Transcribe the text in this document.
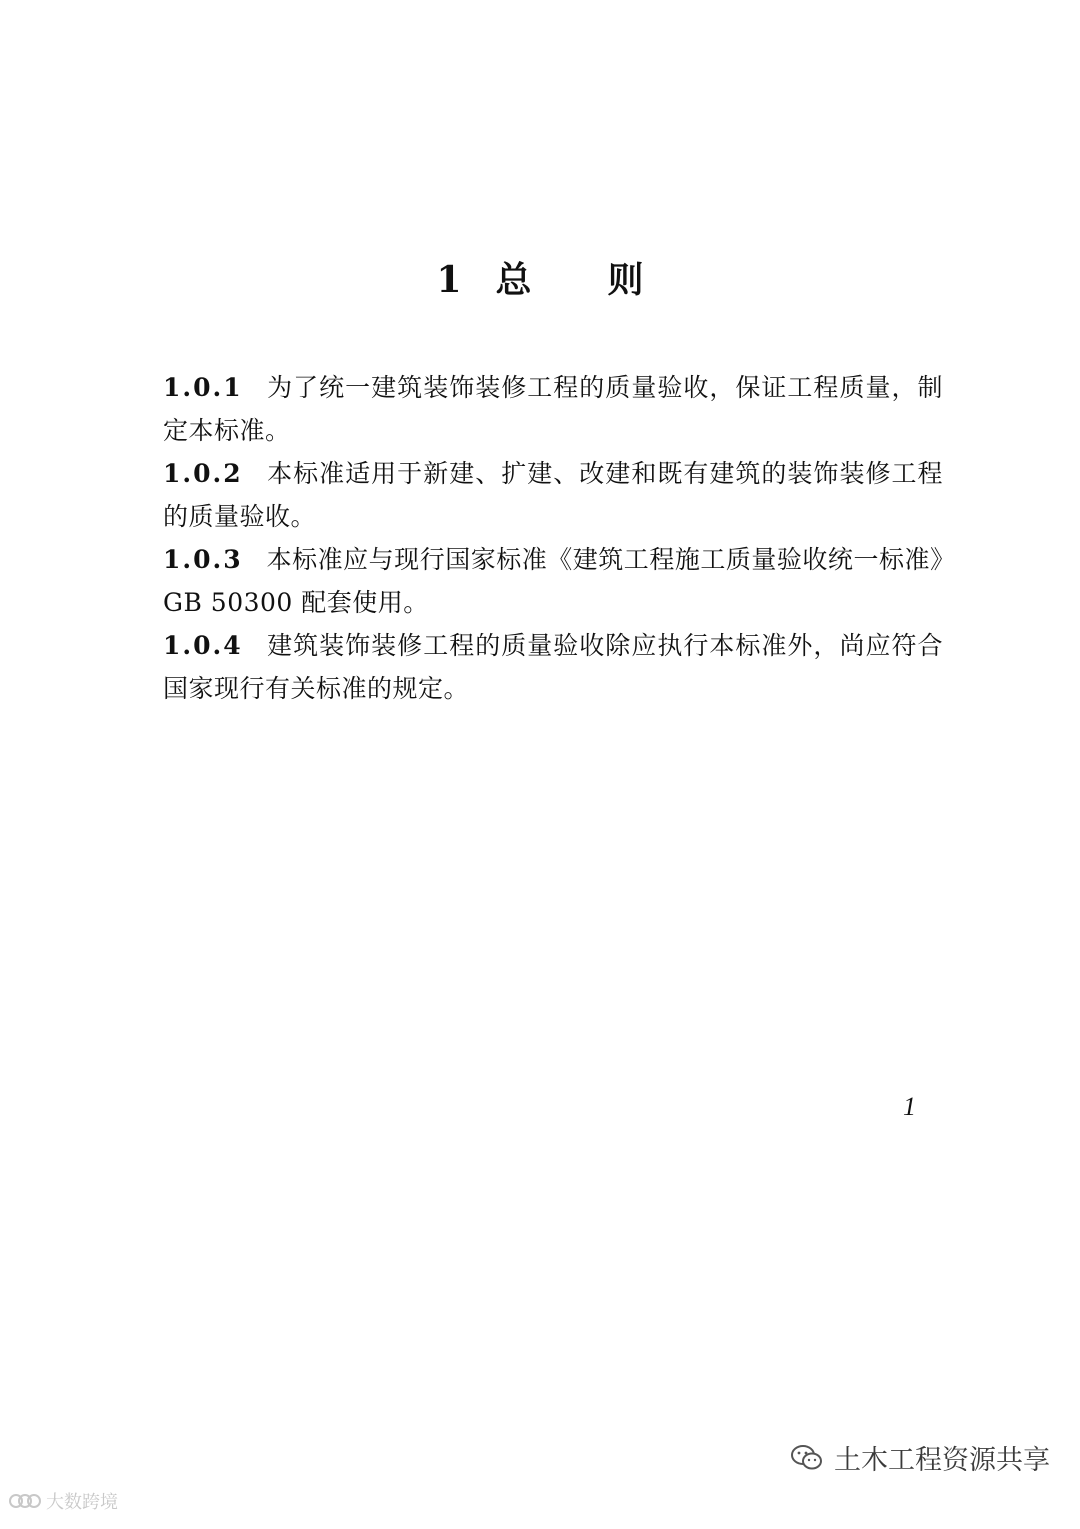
1 总 则

1.0.1 为了统一建筑装饰装修工程的质量验收，保证工程质量，制定本标准。

1.0.2 本标准适用于新建、扩建、改建和既有建筑的装饰装修工程的质量验收。

1.0.3 本标准应与现行国家标准《建筑工程施工质量验收统一标准》GB 50300 配套使用。

1.0.4 建筑装饰装修工程的质量验收除应执行本标准外，尚应符合国家现行有关标准的规定。

1
大数跨境
土木工程资源共享
